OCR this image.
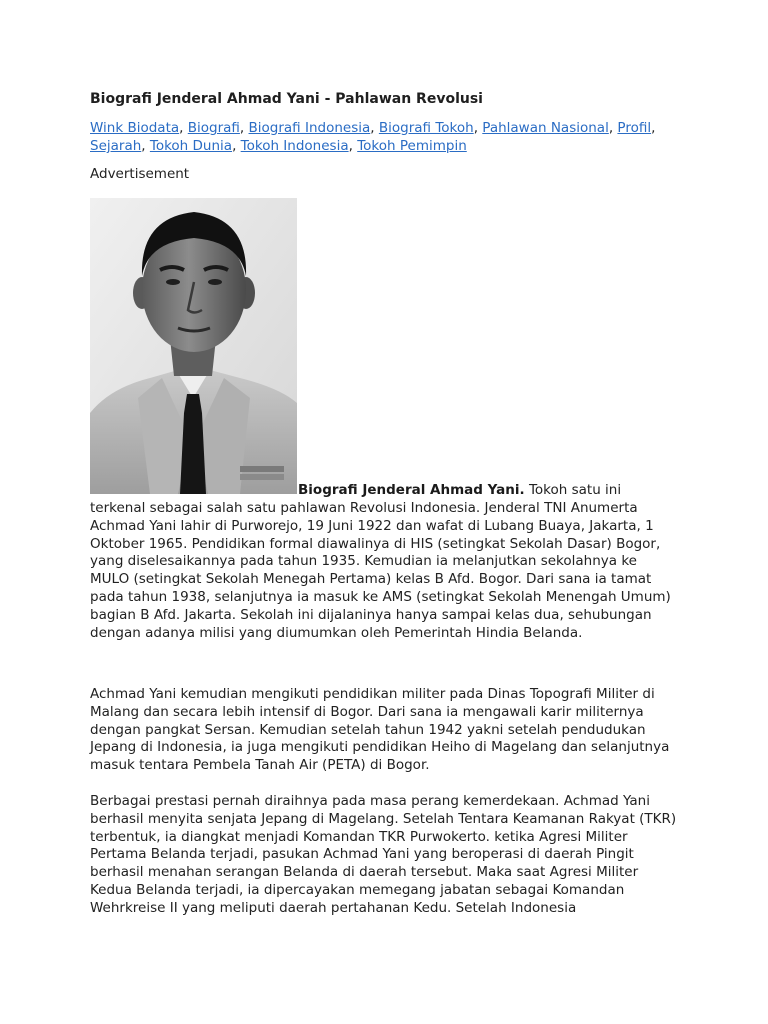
Biografi Jenderal Ahmad Yani - Pahlawan Revolusi
Wink Biodata, Biografi, Biografi Indonesia, Biografi Tokoh, Pahlawan Nasional, Profil,
Sejarah, Tokoh Dunia, Tokoh Indonesia, Tokoh Pemimpin
Advertisement
Biografi Jenderal Ahmad Yani. Tokoh satu ini

terkenal sebagai salah satu pahlawan Revolusi Indonesia. Jenderal TNI Anumerta Achmad Yani lahir di Purworejo, 19 Juni 1922 dan wafat di Lubang Buaya, Jakarta, 1 Oktober 1965. Pendidikan formal diawalinya di HIS (setingkat Sekolah Dasar) Bogor, yang diselesaikannya pada tahun 1935. Kemudian ia melanjutkan sekolahnya ke MULO (setingkat Sekolah Menegah Pertama) kelas B Afd. Bogor. Dari sana ia tamat pada tahun 1938, selanjutnya ia masuk ke AMS (setingkat Sekolah Menengah Umum) bagian B Afd. Jakarta. Sekolah ini dijalaninya hanya sampai kelas dua, sehubungan dengan adanya milisi yang diumumkan oleh Pemerintah Hindia Belanda.

Achmad Yani kemudian mengikuti pendidikan militer pada Dinas Topografi Militer di Malang dan secara lebih intensif di Bogor. Dari sana ia mengawali karir militernya dengan pangkat Sersan. Kemudian setelah tahun 1942 yakni setelah pendudukan Jepang di Indonesia, ia juga mengikuti pendidikan Heiho di Magelang dan selanjutnya masuk tentara Pembela Tanah Air (PETA) di Bogor.

Berbagai prestasi pernah diraihnya pada masa perang kemerdekaan. Achmad Yani berhasil menyita senjata Jepang di Magelang. Setelah Tentara Keamanan Rakyat (TKR) terbentuk, ia diangkat menjadi Komandan TKR Purwokerto. ketika Agresi Militer Pertama Belanda terjadi, pasukan Achmad Yani yang beroperasi di daerah Pingit berhasil menahan serangan Belanda di daerah tersebut. Maka saat Agresi Militer Kedua Belanda terjadi, ia dipercayakan memegang jabatan sebagai Komandan Wehrkreise II yang meliputi daerah pertahanan Kedu. Setelah Indonesia
